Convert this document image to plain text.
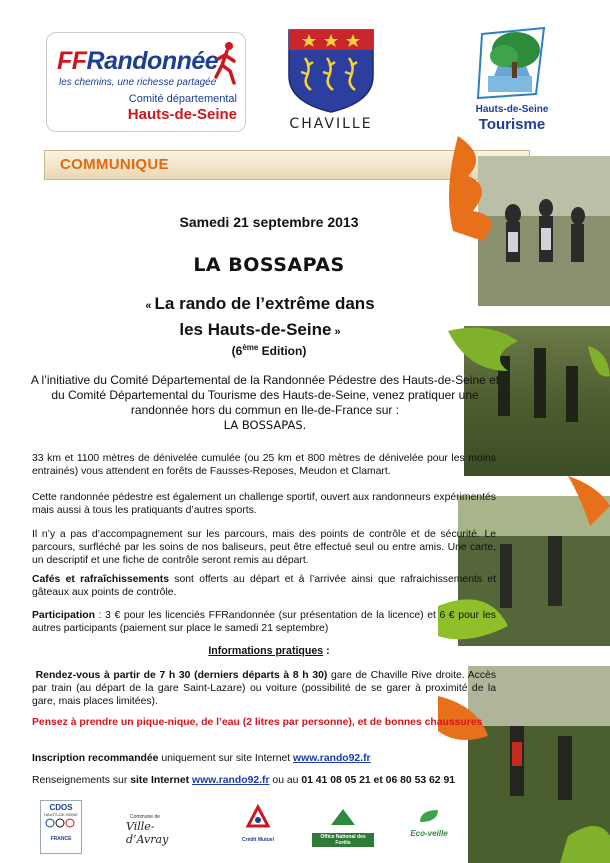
FFRandonnée
les chemins, une richesse partagée
Comité départemental
Hauts-de-Seine
CHAVILLE
Hauts-de-Seine
Tourisme
COMMUNIQUE
Samedi 21 septembre 2013
LA BOSSAPAS
« La rando de l’extrême dans
les Hauts-de-Seine »
(6ème Edition)
A l’initiative du Comité Départemental de la Randonnée Pédestre des Hauts-de-Seine et du Comité Départemental du Tourisme des Hauts-de-Seine, venez pratiquer une randonnée hors du commun en Ile-de-France sur :
LA BOSSAPAS.

33 km et 1100 mètres de dénivelée cumulée (ou 25 km et 800 mètres de dénivelée pour les moins entrainés) vous attendent en forêts de Fausses-Reposes, Meudon et Clamart.

Cette randonnée pédestre est également un challenge sportif, ouvert aux randonneurs expérimentés mais aussi à tous les pratiquants d’autres sports.

Il n’y a pas d’accompagnement sur les parcours, mais des points de contrôle et de sécurité. Le parcours, surfléché par les soins de nos baliseurs, peut être effectué seul ou entre amis. Une carte, un descriptif et une fiche de contrôle seront remis au départ.

Cafés et rafraîchissements sont offerts au départ et à l’arrivée ainsi que rafraichissements et gâteaux aux points de contrôle.

Participation : 3 € pour les licenciés FFRandonnée (sur présentation de la licence) et 6 € pour les autres participants (paiement sur place le samedi 21 septembre)

Informations pratiques :

Rendez-vous à partir de 7 h 30 (derniers départs à 8 h 30) gare de Chaville Rive droite. Accès par train (au départ de la gare Saint-Lazare) ou voiture (possibilité de se garer à proximité de la gare, mais places limitées).

Pensez à prendre un pique-nique, de l’eau (2 litres par personne), et de bonnes chaussures

Inscription recommandée uniquement sur site Internet www.rando92.fr

Renseignements sur site Internet www.rando92.fr ou au 01 41 08 05 21 et 06 80 53 62 91

CDOS
HAUTS-DE-SEINE
FRANCE
Commune de
Ville-d’Avray	Crédit Mutuel	Office National des Forêts
Eco-veille
